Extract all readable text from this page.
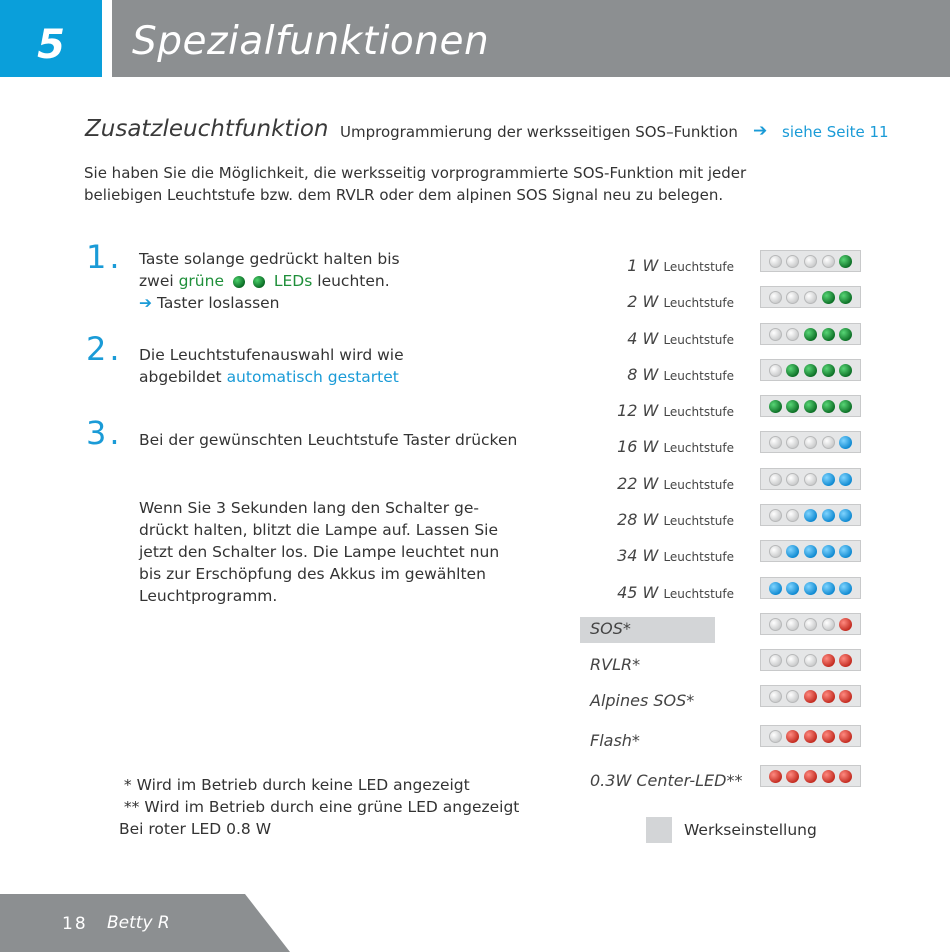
5	Spezialfunktionen
Zusatzleuchtfunktion Umprogrammierung der werksseitigen SOS–Funktion ➔ siehe Seite 11
Sie haben Sie die Möglichkeit, die werksseitig vorprogrammierte SOS-Funktion mit jeder
beliebigen Leuchtstufe bzw. dem RVLR oder dem alpinen SOS Signal neu zu belegen.
1. Taste solange gedrückt halten bis
zwei grüne	LEDs leuchten.
➔ Taster loslassen
2. Die Leuchtstufenauswahl wird wie
abgebildet automatisch gestartet
3. Bei der gewünschten Leuchtstufe Taster drücken
Wenn Sie 3 Sekunden lang den Schalter ge-
drückt halten, blitzt die Lampe auf. Lassen Sie
jetzt den Schalter los. Die Lampe leuchtet nun
bis zur Erschöpfung des Akkus im gewählten
Leuchtprogramm.
* Wird im Betrieb durch keine LED angezeigt
** Wird im Betrieb durch eine grüne LED angezeigt
Bei roter LED 0.8 W
1 W Leuchtstufe
2 W Leuchtstufe
4 W Leuchtstufe
8 W Leuchtstufe
12 W Leuchtstufe
16 W Leuchtstufe
22 W Leuchtstufe
28 W Leuchtstufe
34 W Leuchtstufe
45 W Leuchtstufe
SOS*
RVLR*
Alpines SOS*
Flash*
0.3W Center-LED**
Werkseinstellung
18 Betty R
